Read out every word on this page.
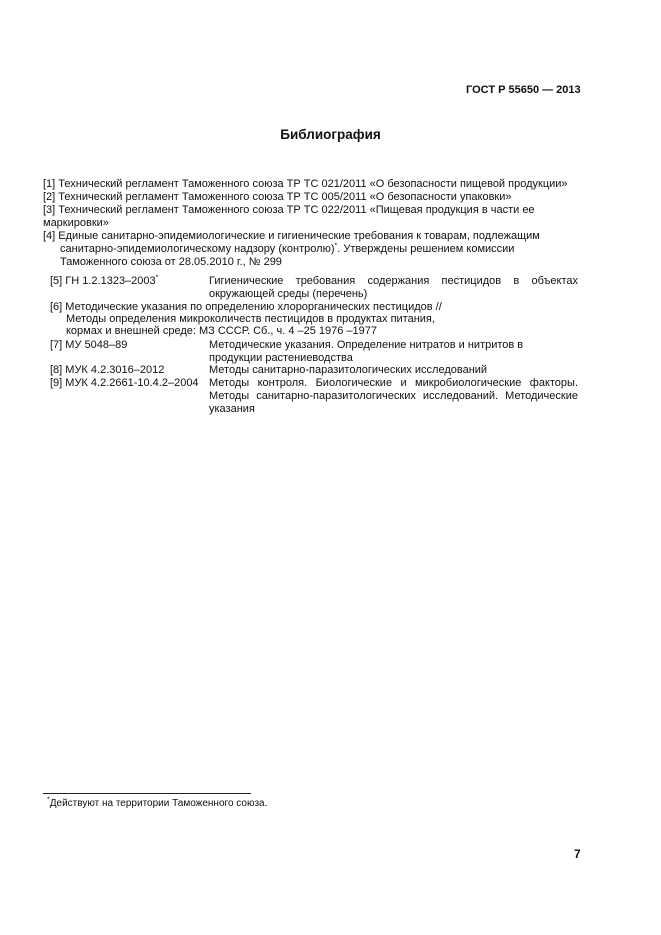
ГОСТ Р 55650 — 2013
Библиография
[1] Технический регламент Таможенного союза ТР ТС 021/2011 «О безопасности пищевой продукции»
[2] Технический регламент Таможенного союза ТР ТС 005/2011 «О безопасности упаковки»
[3] Технический регламент Таможенного союза ТР ТС 022/2011 «Пищевая продукция в части ее
маркировки»
[4] Единые санитарно-эпидемиологические и гигиенические требования к товарам, подлежащим
санитарно-эпидемиологическому надзору (контролю)*. Утверждены решением комиссии
Таможенного союза от 28.05.2010 г., № 299
[5] ГН 1.2.1323–2003*	Гигиенические требования содержания пестицидов в объектах
окружающей среды (перечень)
[6] Методические указания по определению хлорорганических пестицидов //
Методы определения микроколичеств пестицидов в продуктах питания,
кормах и внешней среде: МЗ СССР. Сб., ч. 4 –25 1976 –1977
[7] МУ 5048–89	Методические указания. Определение нитратов и нитритов в
продукции растениеводства
[8] МУК 4.2.3016–2012	Методы санитарно-паразитологических исследований
[9] МУК 4.2.2661-10.4.2–2004 Методы контроля. Биологические и микробиологические факторы.
Методы санитарно-паразитологических исследований. Методические
указания
*Действуют на территории Таможенного союза.
7
